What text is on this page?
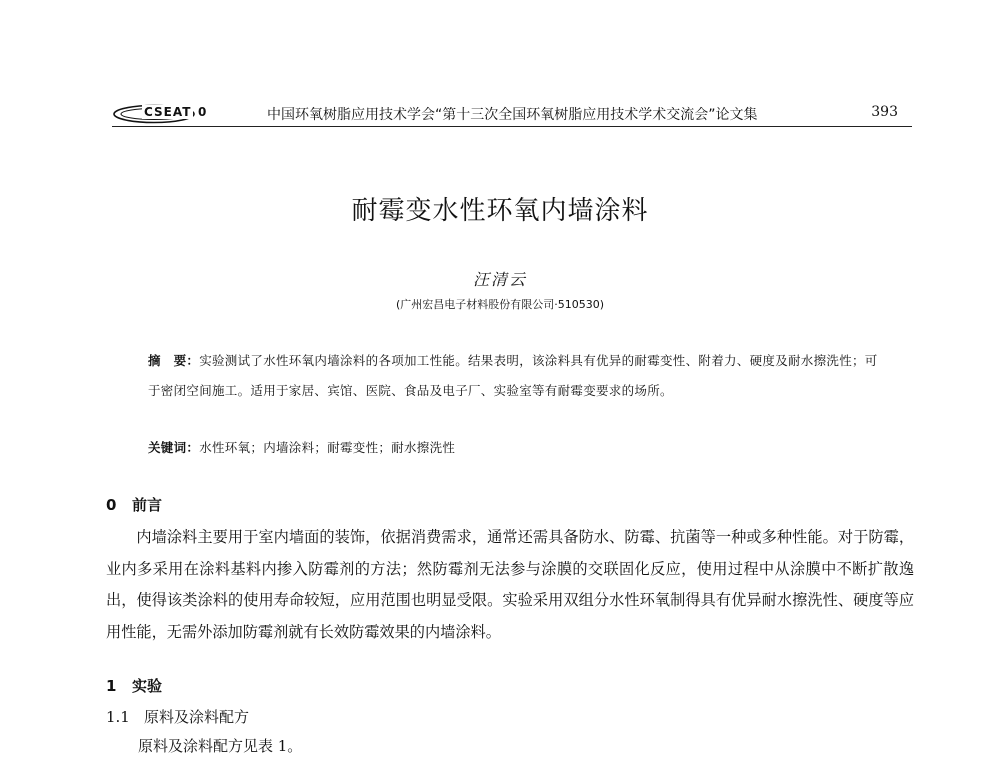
CSEAT 0	中国环氧树脂应用技术学会“第十三次全国环氧树脂应用技术学术交流会”论文集	393
耐霉变水性环氧内墙涂料
汪清云
(广州宏昌电子材料股份有限公司·510530)
摘　要：实验测试了水性环氧内墙涂料的各项加工性能。结果表明，该涂料具有优异的耐霉变性、附着力、硬度及耐水擦洗性；可于密闭空间施工。适用于家居、宾馆、医院、食品及电子厂、实验室等有耐霉变要求的场所。
关键词：水性环氧；内墙涂料；耐霉变性；耐水擦洗性
0 前言
内墙涂料主要用于室内墙面的装饰，依据消费需求，通常还需具备防水、防霉、抗菌等一种或多种性能。对于防霉，业内多采用在涂料基料内掺入防霉剂的方法；然防霉剂无法参与涂膜的交联固化反应，使用过程中从涂膜中不断扩散逸出，使得该类涂料的使用寿命较短，应用范围也明显受限。实验采用双组分水性环氧制得具有优异耐水擦洗性、硬度等应用性能，无需外添加防霉剂就有长效防霉效果的内墙涂料。
1 实验
1.1 原料及涂料配方
原料及涂料配方见表 1。
